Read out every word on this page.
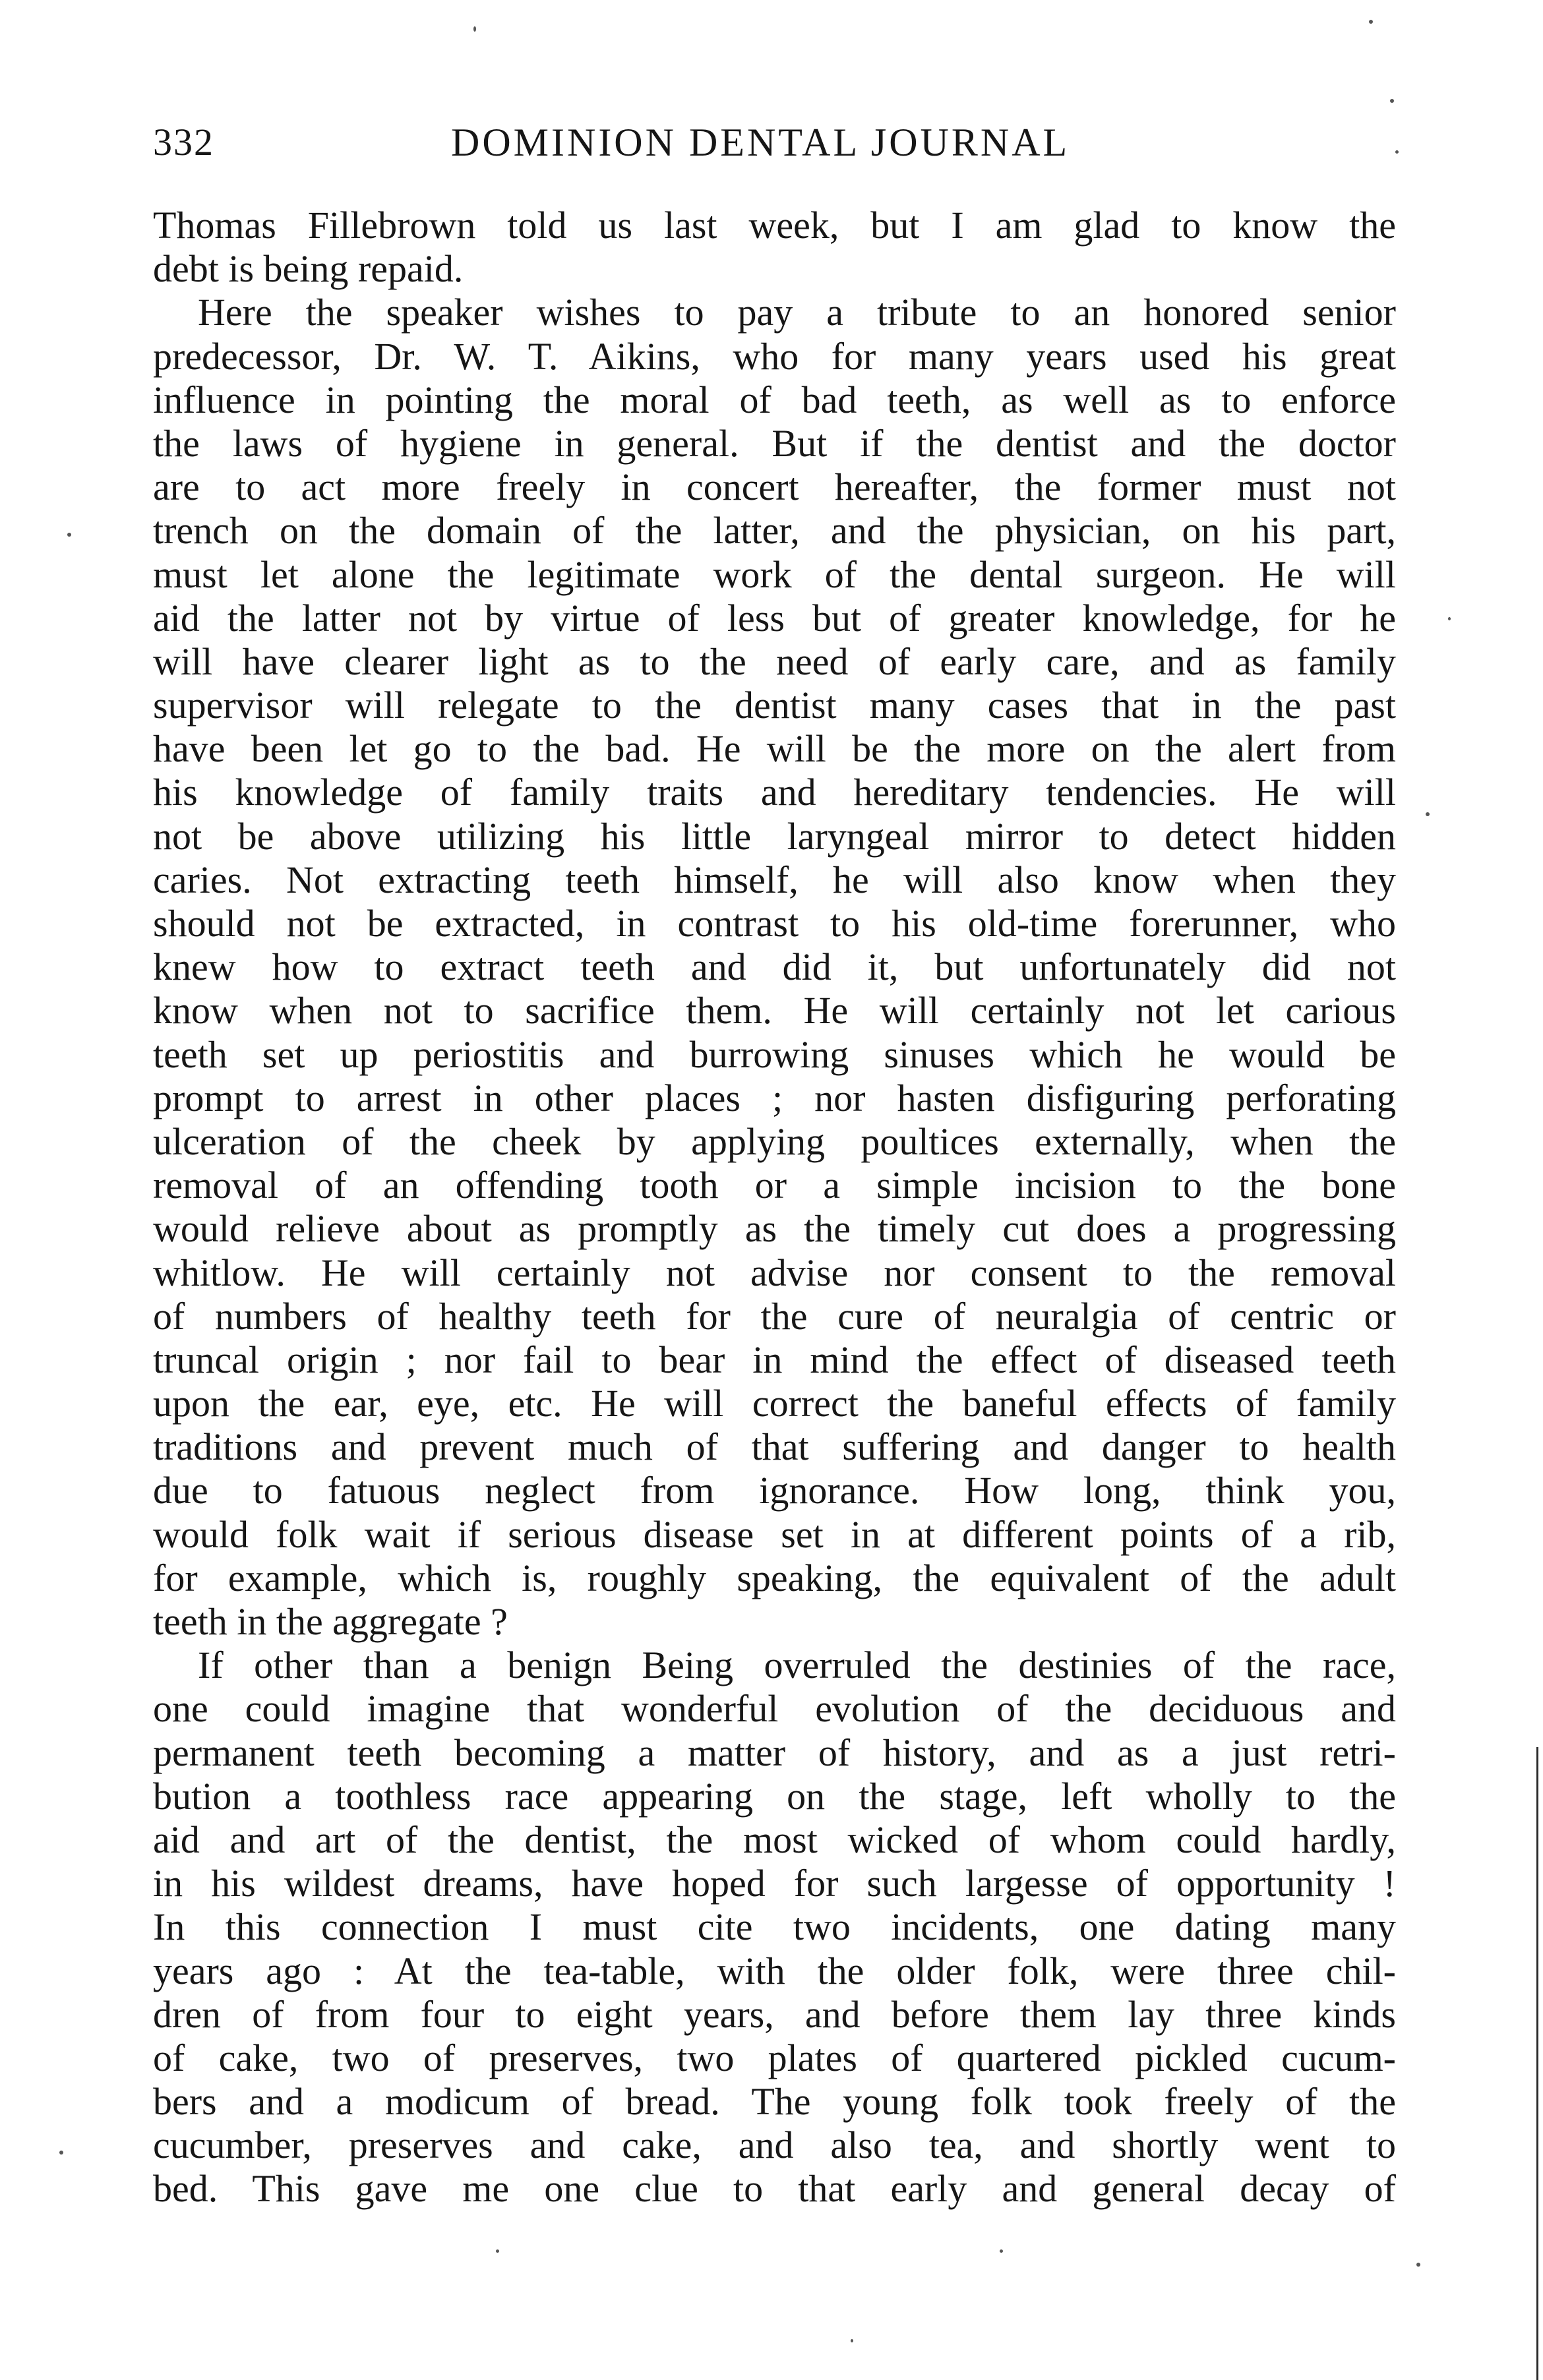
332	DOMINION DENTAL JOURNAL
Thomas Fillebrown told us last week, but I am glad to know the
debt is being repaid.
Here the speaker wishes to pay a tribute to an honored senior
predecessor, Dr. W. T. Aikins, who for many years used his great
influence in pointing the moral of bad teeth, as well as to enforce
the laws of hygiene in general. But if the dentist and the doctor
are to act more freely in concert hereafter, the former must not
trench on the domain of the latter, and the physician, on his part,
must let alone the legitimate work of the dental surgeon. He will
aid the latter not by virtue of less but of greater knowledge, for he
will have clearer light as to the need of early care, and as family
supervisor will relegate to the dentist many cases that in the past
have been let go to the bad. He will be the more on the alert from
his knowledge of family traits and hereditary tendencies. He will
not be above utilizing his little laryngeal mirror to detect hidden
caries. Not extracting teeth himself, he will also know when they
should not be extracted, in contrast to his old-time forerunner, who
knew how to extract teeth and did it, but unfortunately did not
know when not to sacrifice them. He will certainly not let carious
teeth set up periostitis and burrowing sinuses which he would be
prompt to arrest in other places ; nor hasten disfiguring perforating
ulceration of the cheek by applying poultices externally, when the
removal of an offending tooth or a simple incision to the bone
would relieve about as promptly as the timely cut does a progressing
whitlow. He will certainly not advise nor consent to the removal
of numbers of healthy teeth for the cure of neuralgia of centric or
truncal origin ; nor fail to bear in mind the effect of diseased teeth
upon the ear, eye, etc. He will correct the baneful effects of family
traditions and prevent much of that suffering and danger to health
due to fatuous neglect from ignorance. How long, think you,
would folk wait if serious disease set in at different points of a rib,
for example, which is, roughly speaking, the equivalent of the adult
teeth in the aggregate ?
If other than a benign Being overruled the destinies of the race,
one could imagine that wonderful evolution of the deciduous and
permanent teeth becoming a matter of history, and as a just retri-
bution a toothless race appearing on the stage, left wholly to the
aid and art of the dentist, the most wicked of whom could hardly,
in his wildest dreams, have hoped for such largesse of opportunity !
In this connection I must cite two incidents, one dating many
years ago : At the tea-table, with the older folk, were three chil-
dren of from four to eight years, and before them lay three kinds
of cake, two of preserves, two plates of quartered pickled cucum-
bers and a modicum of bread. The young folk took freely of the
cucumber, preserves and cake, and also tea, and shortly went to
bed. This gave me one clue to that early and general decay of
